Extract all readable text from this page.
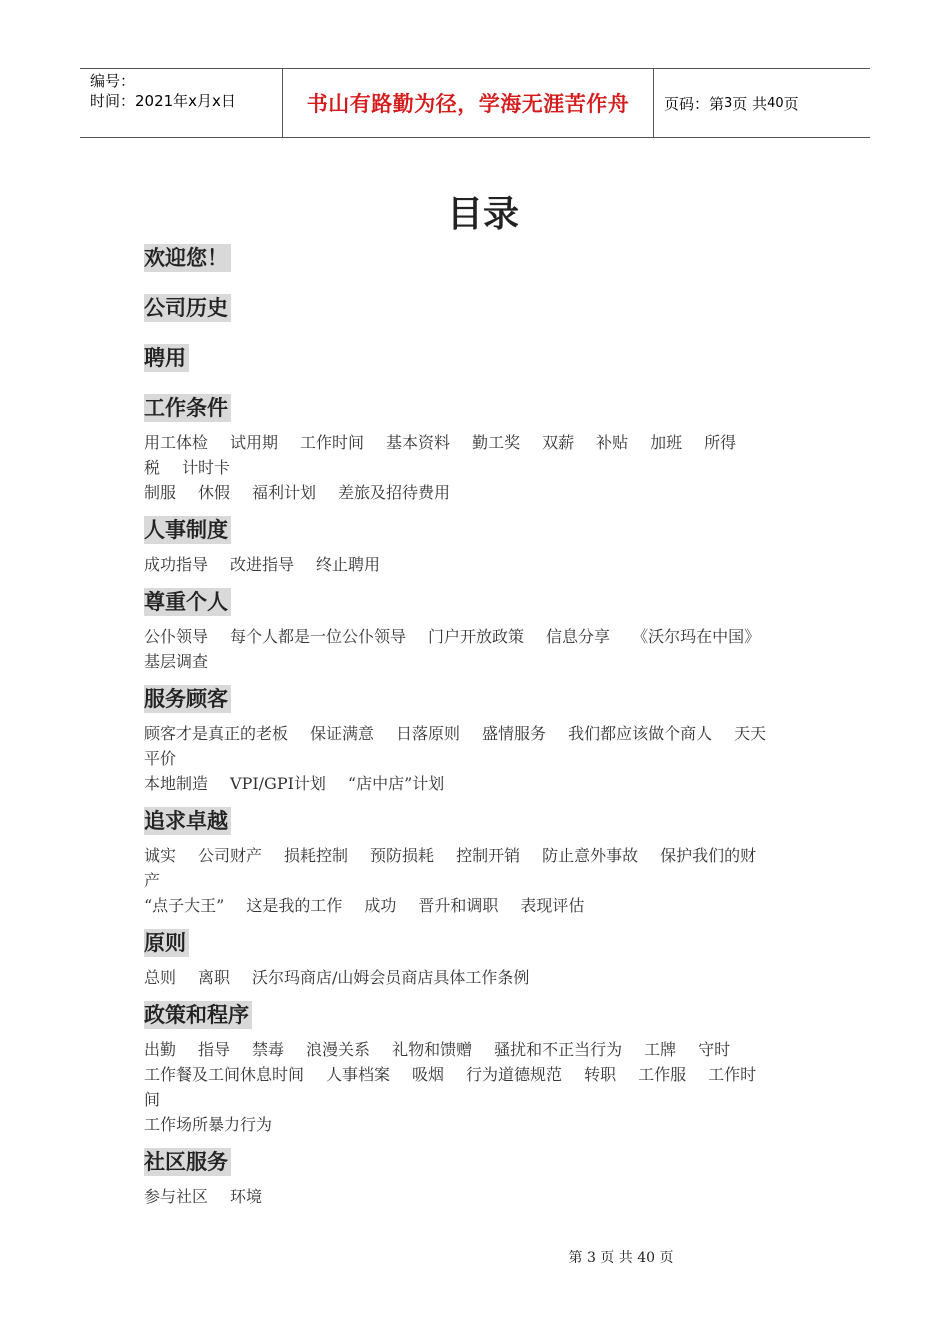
编号：
时间：2021年x月x日	书山有路勤为径，学海无涯苦作舟	页码：第 3 页 共 40 页
目录
欢迎您！
公司历史
聘用
工作条件
用工体检 试用期 工作时间 基本资料 勤工奖 双薪 补贴 加班 所得
税 计时卡
制服 休假 福利计划 差旅及招待费用
人事制度
成功指导 改进指导 终止聘用
尊重个人
公仆领导 每个人都是一位公仆领导 门户开放政策 信息分享 《沃尔玛在中国》
基层调查
服务顾客
顾客才是真正的老板 保证满意 日落原则 盛情服务 我们都应该做个商人 天天
平价
本地制造 VPI/GPI计划 “店中店”计划
追求卓越
诚实 公司财产 损耗控制 预防损耗 控制开销 防止意外事故 保护我们的财
产
“点子大王” 这是我的工作 成功 晋升和调职 表现评估
原则
总则 离职 沃尔玛商店/山姆会员商店具体工作条例
政策和程序
出勤 指导 禁毒 浪漫关系 礼物和馈赠 骚扰和不正当行为 工牌 守时
工作餐及工间休息时间 人事档案 吸烟 行为道德规范 转职 工作服 工作时
间
工作场所暴力行为
社区服务
参与社区 环境
第 3 页 共 40 页
